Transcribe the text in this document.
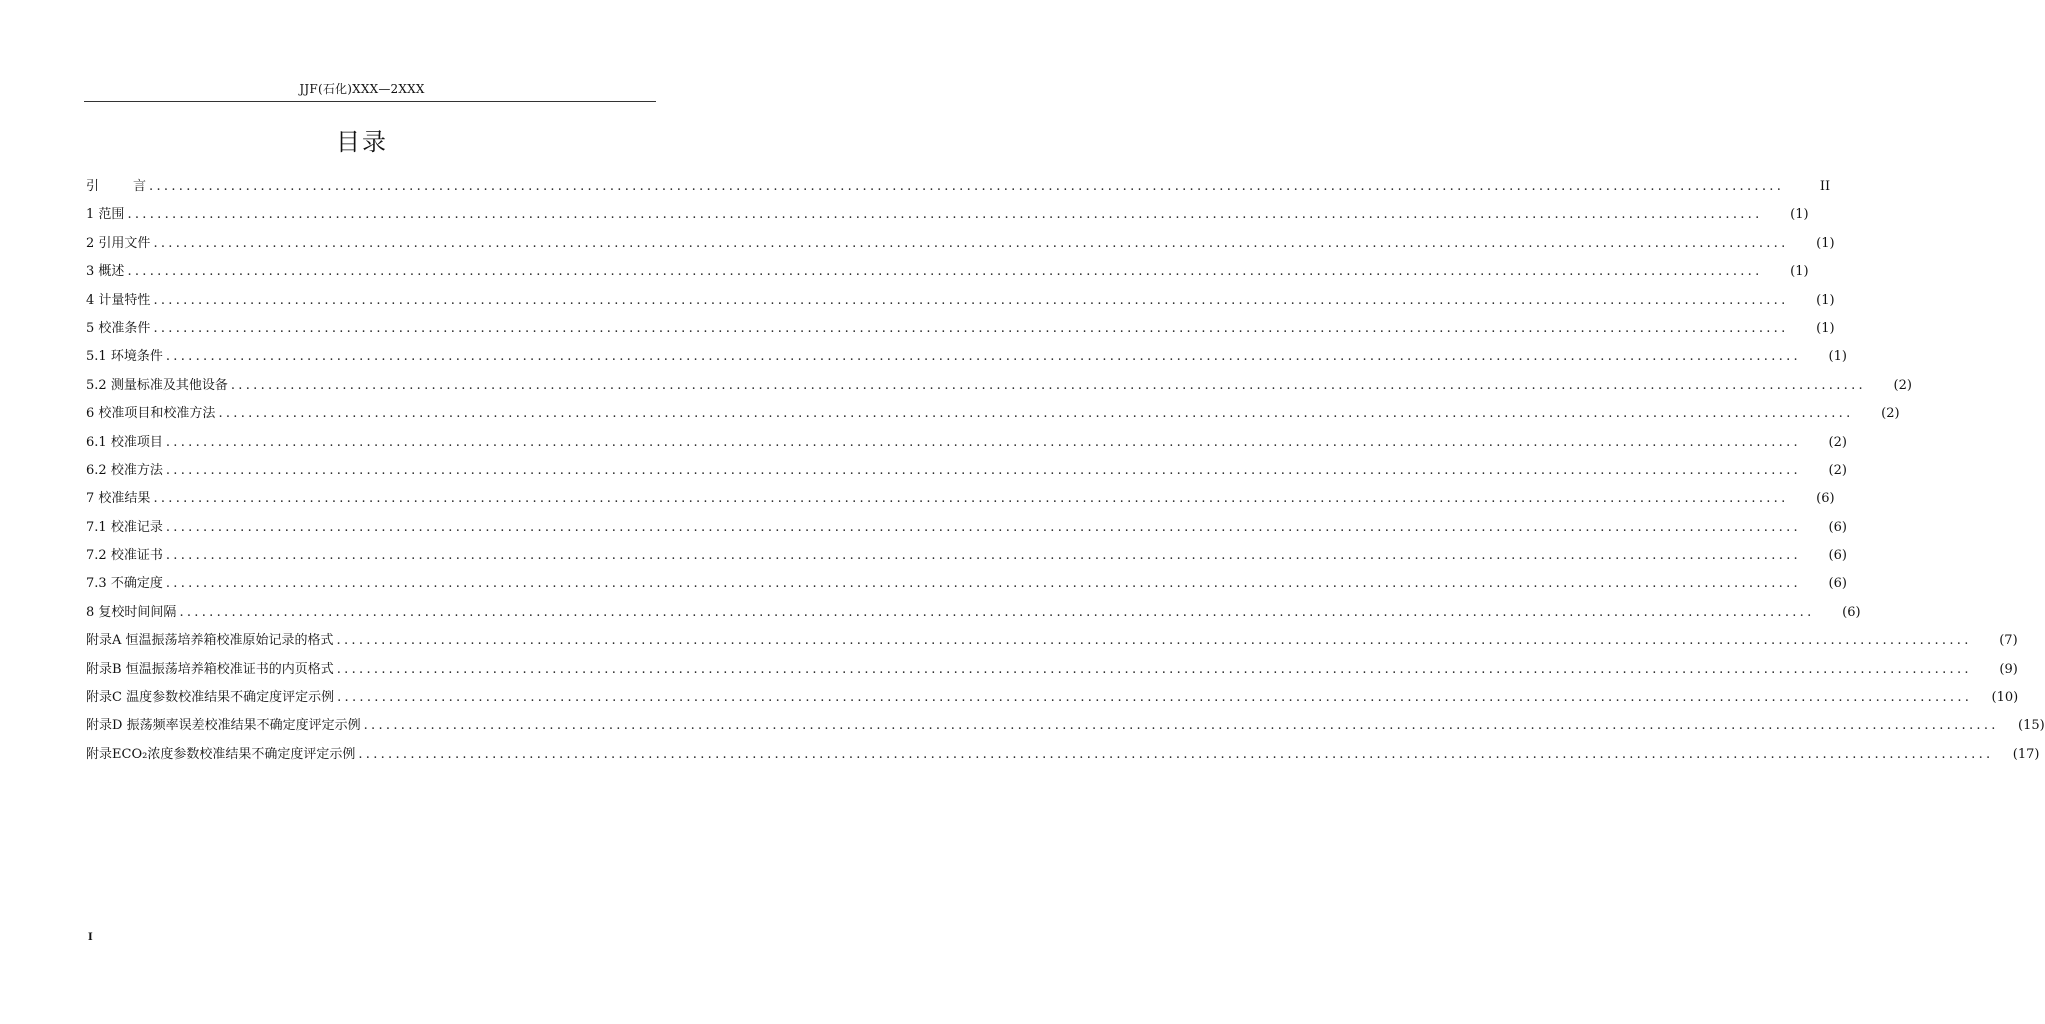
JJF(石化)XXX—2XXX
目录
引	言 ............................................................................................................................................................................................................................	II
1 范围 ............................................................................................................................................................................................................................	(1)
2 引用文件 ............................................................................................................................................................................................................................	(1)
3 概述 ............................................................................................................................................................................................................................	(1)
4 计量特性 ............................................................................................................................................................................................................................	(1)
5 校准条件 ............................................................................................................................................................................................................................	(1)
5.1 环境条件 ............................................................................................................................................................................................................................	(1)
5.2 测量标准及其他设备 ............................................................................................................................................................................................................................	(2)
6 校准项目和校准方法 ............................................................................................................................................................................................................................	(2)
6.1 校准项目 ............................................................................................................................................................................................................................	(2)
6.2 校准方法 ............................................................................................................................................................................................................................	(2)
7 校准结果 ............................................................................................................................................................................................................................	(6)
7.1 校准记录 ............................................................................................................................................................................................................................	(6)
7.2 校准证书 ............................................................................................................................................................................................................................	(6)
7.3 不确定度 ............................................................................................................................................................................................................................	(6)
8 复校时间间隔 ............................................................................................................................................................................................................................	(6)
附录A 恒温振荡培养箱校准原始记录的格式 ............................................................................................................................................................................................................................	(7)
附录B 恒温振荡培养箱校准证书的内页格式 ............................................................................................................................................................................................................................	(9)
附录C 温度参数校准结果不确定度评定示例 ............................................................................................................................................................................................................................	(10)
附录D 振荡频率误差校准结果不确定度评定示例 ............................................................................................................................................................................................................................	(15)
附录ECO₂浓度参数校准结果不确定度评定示例 ............................................................................................................................................................................................................................	(17)
I
